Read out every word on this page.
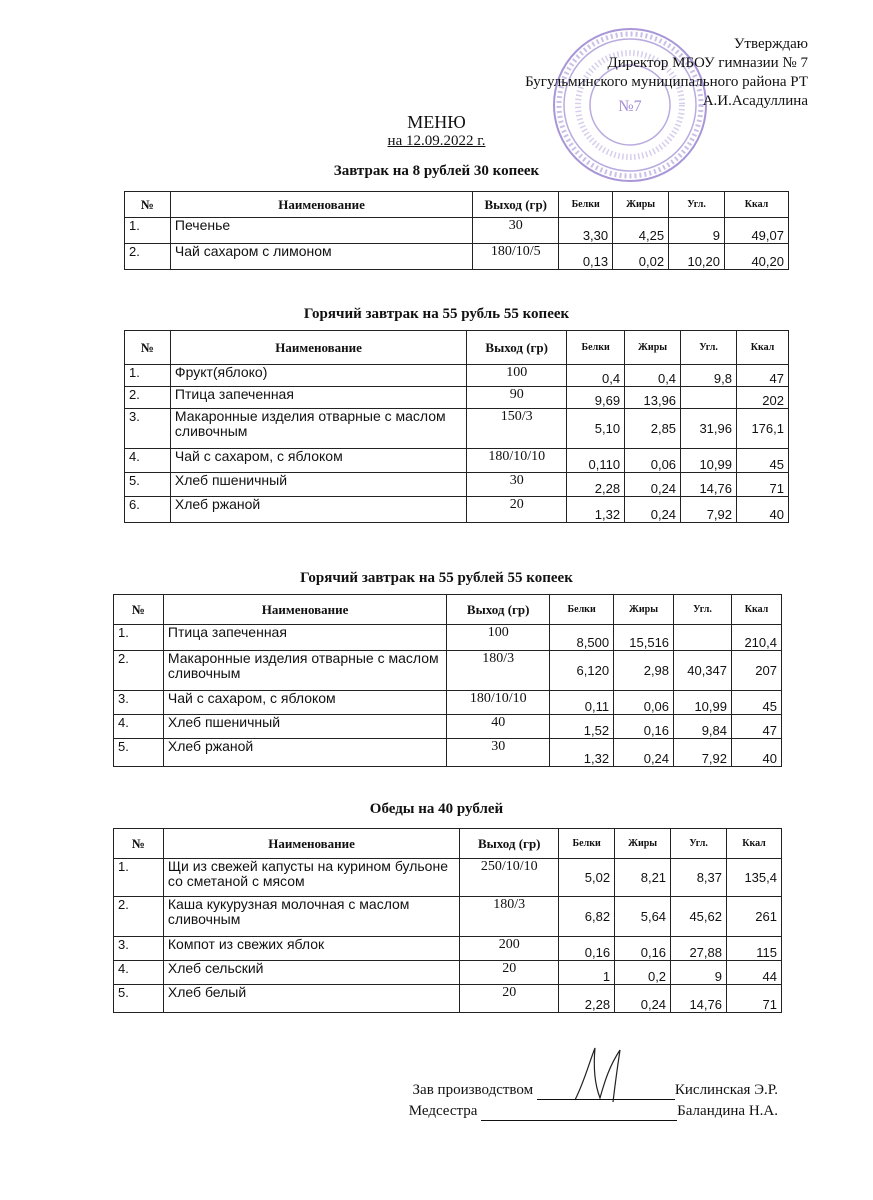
№7
Утверждаю
Директор МБОУ гимназии № 7
Бугульминского муниципального района РТ
А.И.Асадуллина
МЕНЮ
на 12.09.2022 г.
Завтрак на 8 рублей 30 копеек
№	Наименование	Выход (гр)	Белки	Жиры	Угл.	Ккал
1.	Печенье	30	3,30	4,25	9	49,07
2.	Чай сахаром с лимоном	180/10/5	0,13	0,02	10,20	40,20
Горячий завтрак на 55 рубль 55 копеек
№	Наименование	Выход (гр)	Белки	Жиры	Угл.	Ккал
1.	Фрукт(яблоко)	100	0,4	0,4	9,8	47
2.	Птица запеченная	90	9,69	13,96		202
3.	Макаронные изделия отварные с маслом сливочным	150/3	5,10	2,85	31,96	176,1
4.	Чай с сахаром, с яблоком	180/10/10	0,110	0,06	10,99	45
5.	Хлеб пшеничный	30	2,28	0,24	14,76	71
6.	Хлеб ржаной	20	1,32	0,24	7,92	40
Горячий завтрак на 55 рублей 55 копеек
№	Наименование	Выход (гр)	Белки	Жиры	Угл.	Ккал
1.	Птица запеченная	100	8,500	15,516		210,4
2.	Макаронные изделия отварные с маслом сливочным	180/3	6,120	2,98	40,347	207
3.	Чай с сахаром, с яблоком	180/10/10	0,11	0,06	10,99	45
4.	Хлеб пшеничный	40	1,52	0,16	9,84	47
5.	Хлеб ржаной	30	1,32	0,24	7,92	40
Обеды на 40 рублей
№	Наименование	Выход (гр)	Белки	Жиры	Угл.	Ккал
1.	Щи из свежей капусты на курином бульоне со сметаной с мясом	250/10/10	5,02	8,21	8,37	135,4
2.	Каша кукурузная молочная с маслом сливочным	180/3	6,82	5,64	45,62	261
3.	Компот из свежих яблок	200	0,16	0,16	27,88	115
4.	Хлеб сельский	20	1	0,2	9	44
5.	Хлеб белый	20	2,28	0,24	14,76	71
Зав производством	Кислинская Э.Р.
Медсестра	Баландина Н.А.
